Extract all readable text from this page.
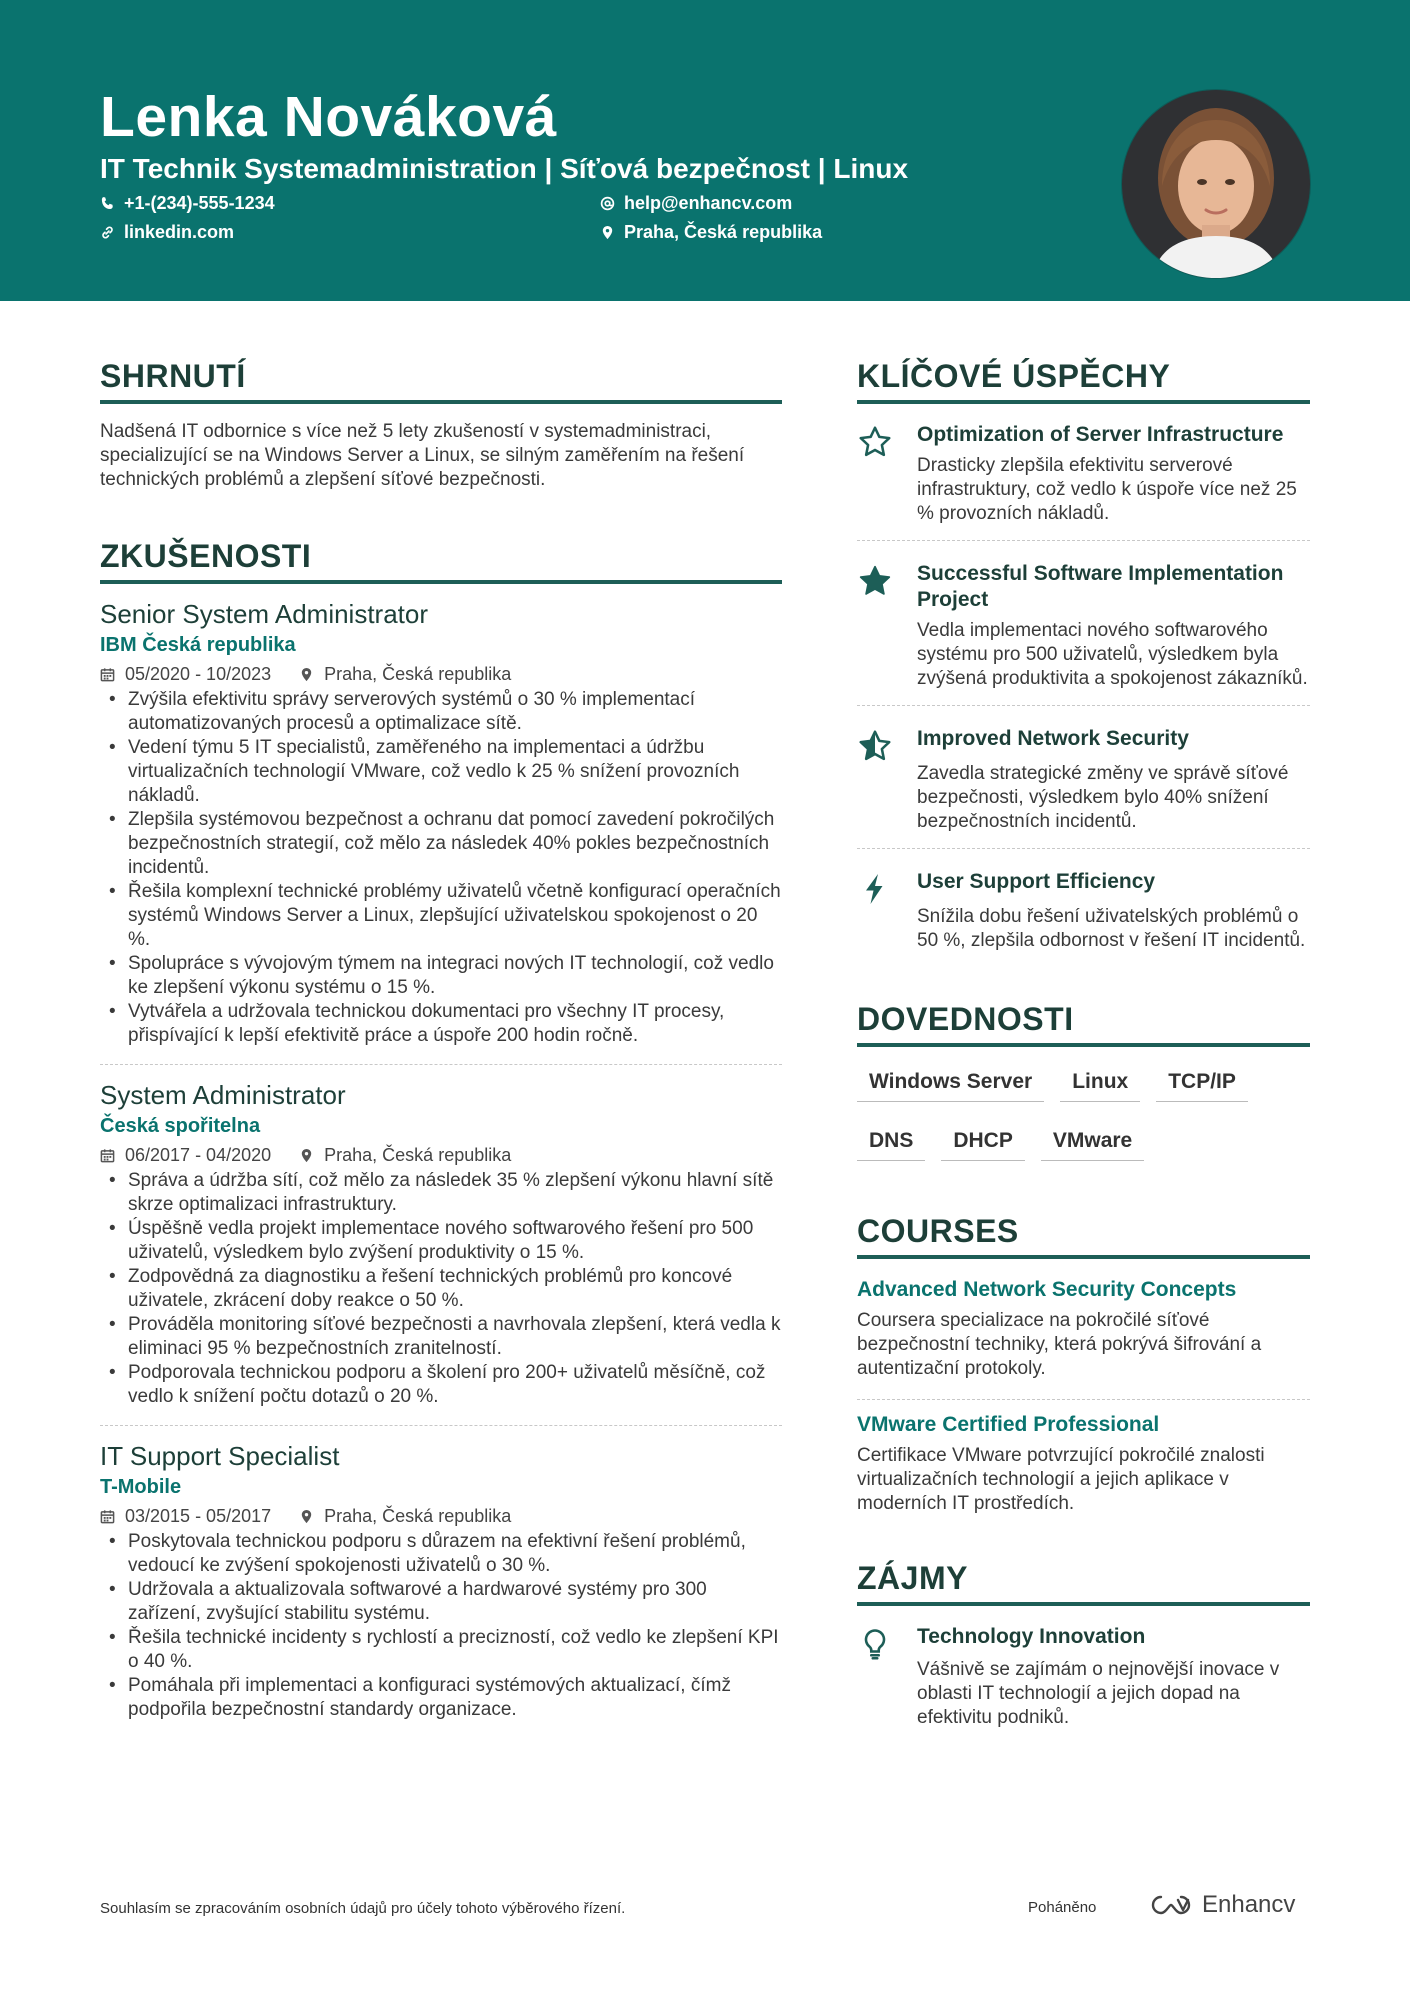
Lenka Nováková
IT Technik Systemadministration | Síťová bezpečnost | Linux
+1-(234)-555-1234	help@enhancv.com
linkedin.com	Praha, Česká republika
SHRNUTÍ
Nadšená IT odbornice s více než 5 lety zkušeností v systemadministraci, specializující se na Windows Server a Linux, se silným zaměřením na řešení technických problémů a zlepšení síťové bezpečnosti.
ZKUŠENOSTI
Senior System Administrator
IBM Česká republika
05/2020 - 10/2023	Praha, Česká republika
• Zvýšila efektivitu správy serverových systémů o 30 % implementací automatizovaných procesů a optimalizace sítě.
• Vedení týmu 5 IT specialistů, zaměřeného na implementaci a údržbu virtualizačních technologií VMware, což vedlo k 25 % snížení provozních nákladů.
• Zlepšila systémovou bezpečnost a ochranu dat pomocí zavedení pokročilých bezpečnostních strategií, což mělo za následek 40% pokles bezpečnostních incidentů.
• Řešila komplexní technické problémy uživatelů včetně konfigurací operačních systémů Windows Server a Linux, zlepšující uživatelskou spokojenost o 20 %.
• Spolupráce s vývojovým týmem na integraci nových IT technologií, což vedlo ke zlepšení výkonu systému o 15 %.
• Vytvářela a udržovala technickou dokumentaci pro všechny IT procesy, přispívající k lepší efektivitě práce a úspoře 200 hodin ročně.
System Administrator
Česká spořitelna
06/2017 - 04/2020	Praha, Česká republika
• Správa a údržba sítí, což mělo za následek 35 % zlepšení výkonu hlavní sítě skrze optimalizaci infrastruktury.
• Úspěšně vedla projekt implementace nového softwarového řešení pro 500 uživatelů, výsledkem bylo zvýšení produktivity o 15 %.
• Zodpovědná za diagnostiku a řešení technických problémů pro koncové uživatele, zkrácení doby reakce o 50 %.
• Prováděla monitoring síťové bezpečnosti a navrhovala zlepšení, která vedla k eliminaci 95 % bezpečnostních zranitelností.
• Podporovala technickou podporu a školení pro 200+ uživatelů měsíčně, což vedlo k snížení počtu dotazů o 20 %.
IT Support Specialist
T-Mobile
03/2015 - 05/2017	Praha, Česká republika
• Poskytovala technickou podporu s důrazem na efektivní řešení problémů, vedoucí ke zvýšení spokojenosti uživatelů o 30 %.
• Udržovala a aktualizovala softwarové a hardwarové systémy pro 300 zařízení, zvyšující stabilitu systému.
• Řešila technické incidenty s rychlostí a precizností, což vedlo ke zlepšení KPI o 40 %.
• Pomáhala při implementaci a konfiguraci systémových aktualizací, čímž podpořila bezpečnostní standardy organizace.
KLÍČOVÉ ÚSPĚCHY
Optimization of Server Infrastructure
Drasticky zlepšila efektivitu serverové infrastruktury, což vedlo k úspoře více než 25 % provozních nákladů.
Successful Software Implementation Project
Vedla implementaci nového softwarového systému pro 500 uživatelů, výsledkem byla zvýšená produktivita a spokojenost zákazníků.
Improved Network Security
Zavedla strategické změny ve správě síťové bezpečnosti, výsledkem bylo 40% snížení bezpečnostních incidentů.
User Support Efficiency
Snížila dobu řešení uživatelských problémů o 50 %, zlepšila odbornost v řešení IT incidentů.
DOVEDNOSTI
Windows Server	Linux	TCP/IP
DNS	DHCP	VMware
COURSES
Advanced Network Security Concepts
Coursera specializace na pokročilé síťové bezpečnostní techniky, která pokrývá šifrování a autentizační protokoly.
VMware Certified Professional
Certifikace VMware potvrzující pokročilé znalosti virtualizačních technologií a jejich aplikace v moderních IT prostředích.
ZÁJMY
Technology Innovation
Vášnivě se zajímám o nejnovější inovace v oblasti IT technologií a jejich dopad na efektivitu podniků.
Souhlasím se zpracováním osobních údajů pro účely tohoto výběrového řízení.	Poháněno	Enhancv
